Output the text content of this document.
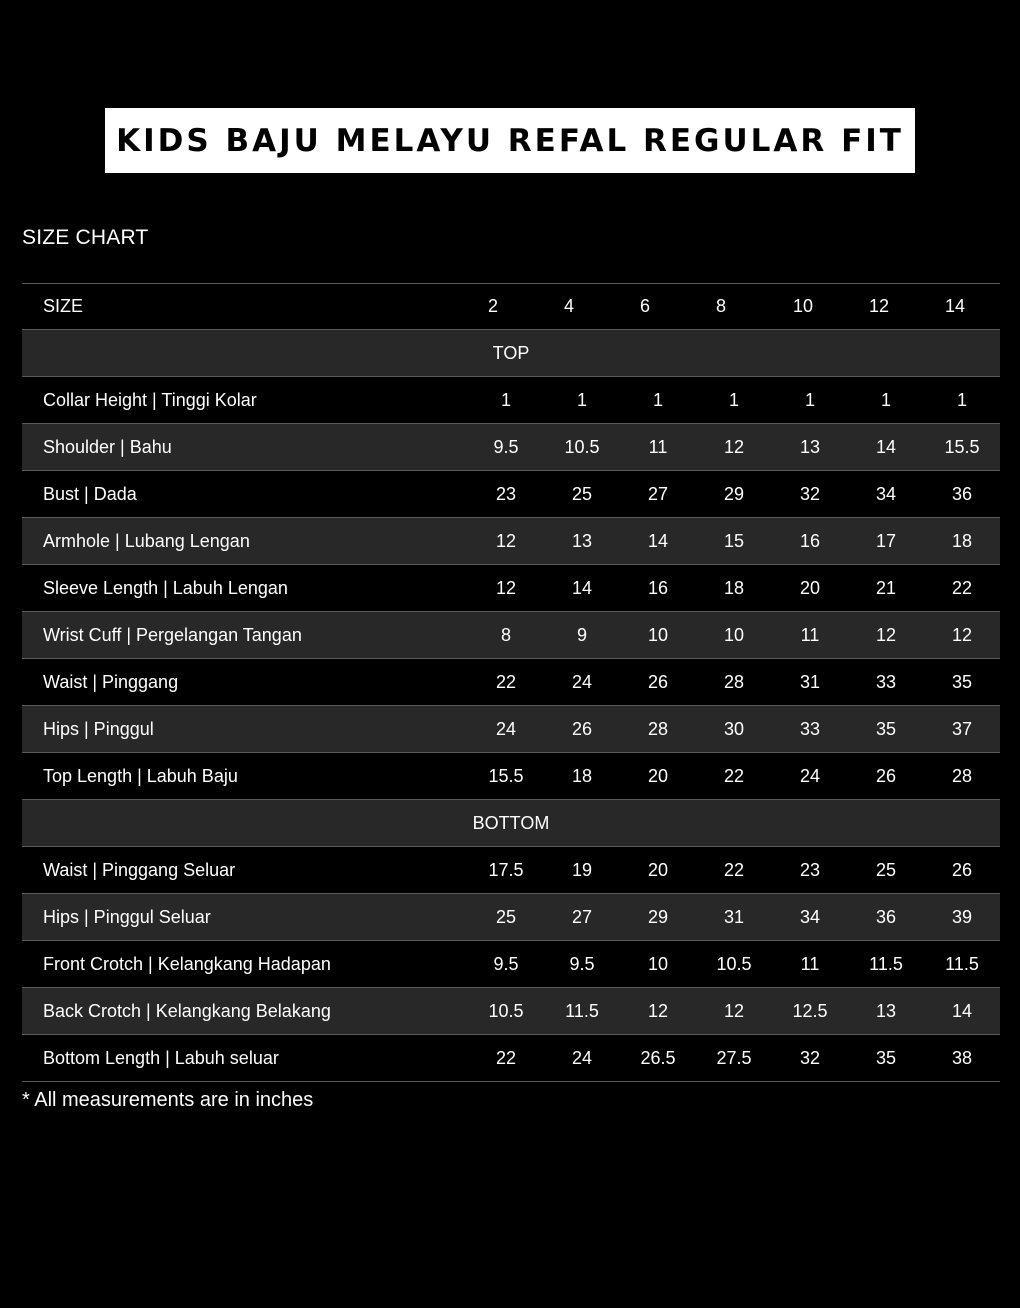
KIDS BAJU MELAYU REFAL REGULAR FIT
SIZE CHART
SIZE	2	4	6	8	10	12	14
TOP
Collar Height | Tinggi Kolar	1	1	1	1	1	1	1
Shoulder | Bahu	9.5	10.5	11	12	13	14	15.5
Bust | Dada	23	25	27	29	32	34	36
Armhole | Lubang Lengan	12	13	14	15	16	17	18
Sleeve Length | Labuh Lengan	12	14	16	18	20	21	22
Wrist Cuff | Pergelangan Tangan	8	9	10	10	11	12	12
Waist | Pinggang	22	24	26	28	31	33	35
Hips | Pinggul	24	26	28	30	33	35	37
Top Length | Labuh Baju	15.5	18	20	22	24	26	28
BOTTOM
Waist | Pinggang Seluar	17.5	19	20	22	23	25	26
Hips | Pinggul Seluar	25	27	29	31	34	36	39
Front Crotch | Kelangkang Hadapan	9.5	9.5	10	10.5	11	11.5	11.5
Back Crotch | Kelangkang Belakang	10.5	11.5	12	12	12.5	13	14
Bottom Length | Labuh seluar	22	24	26.5	27.5	32	35	38
* All measurements are in inches
